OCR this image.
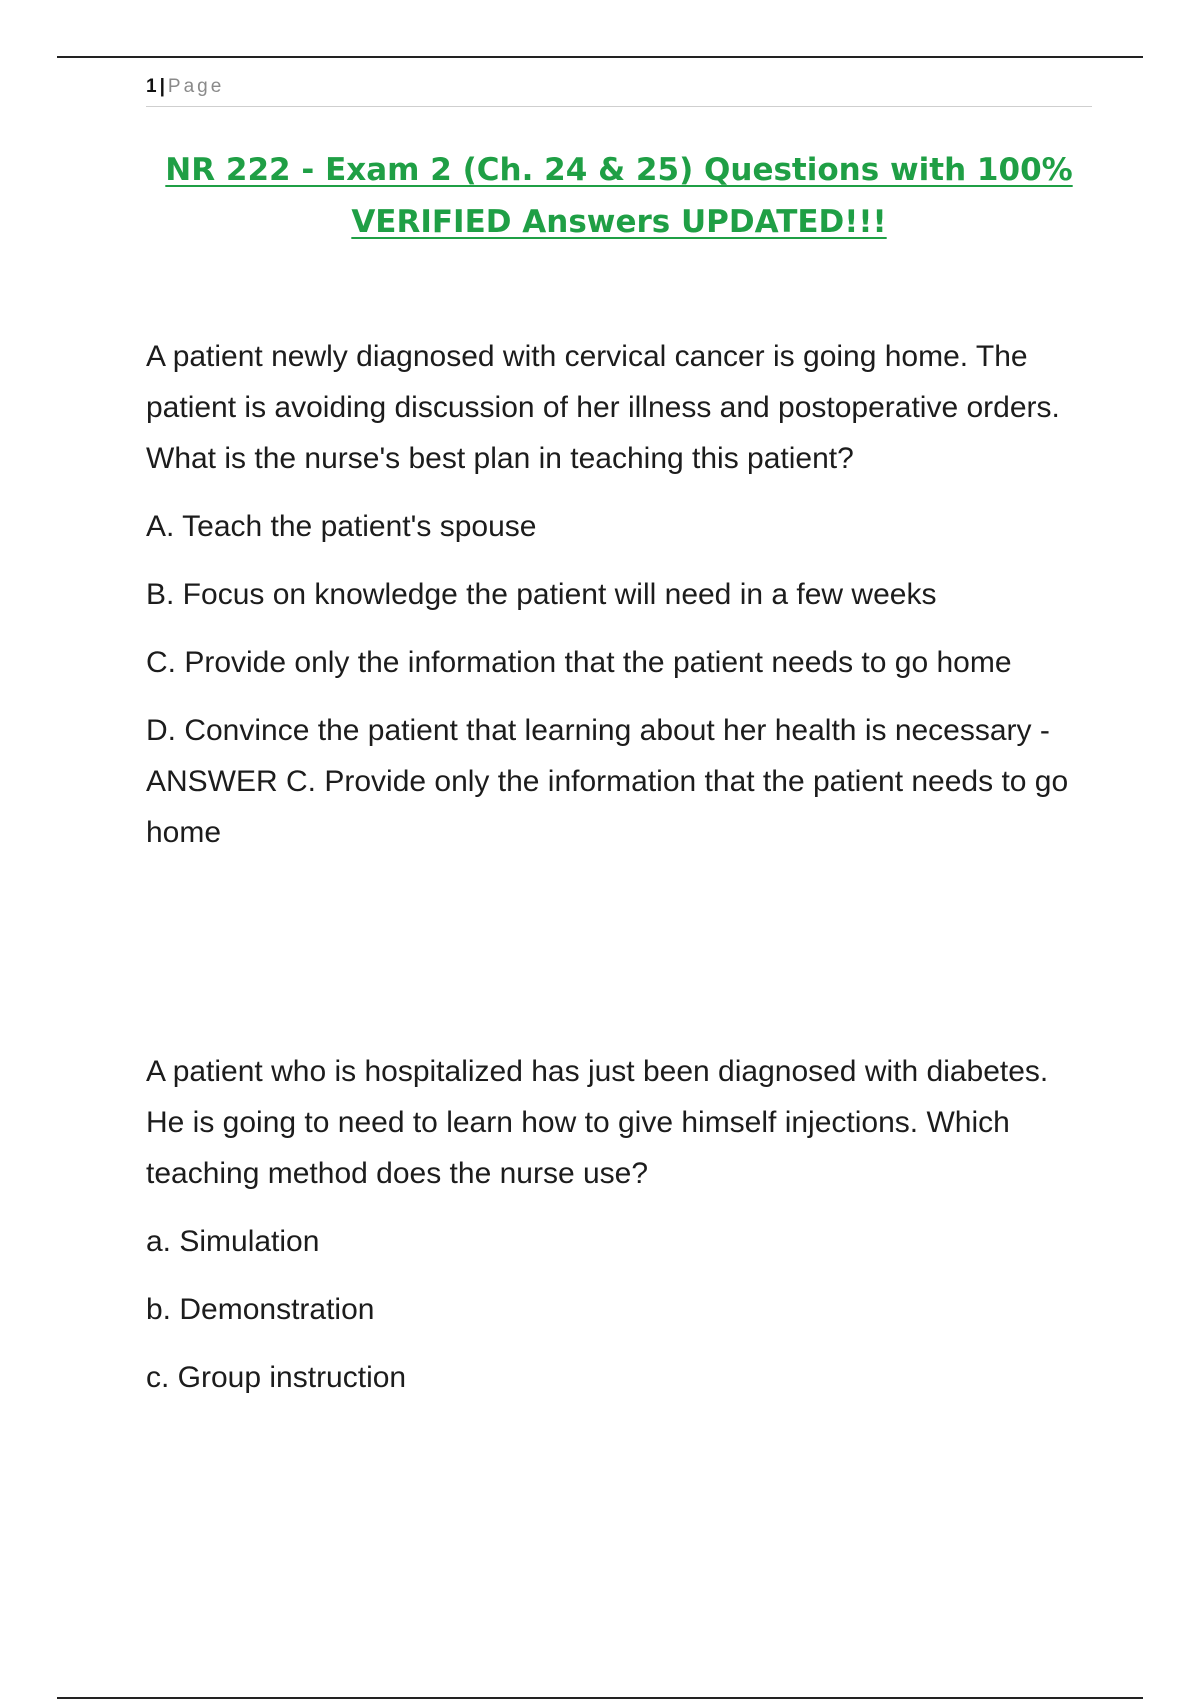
1 | Page
NR 222 - Exam 2 (Ch. 24 & 25) Questions with 100%
VERIFIED Answers UPDATED!!!

A patient newly diagnosed with cervical cancer is going home. The patient is avoiding discussion of her illness and postoperative orders. What is the nurse's best plan in teaching this patient?

A. Teach the patient's spouse

B. Focus on knowledge the patient will need in a few weeks

C. Provide only the information that the patient needs to go home

D. Convince the patient that learning about her health is necessary - ANSWER C. Provide only the information that the patient needs to go home

A patient who is hospitalized has just been diagnosed with diabetes. He is going to need to learn how to give himself injections. Which teaching method does the nurse use?

a. Simulation

b. Demonstration

c. Group instruction
